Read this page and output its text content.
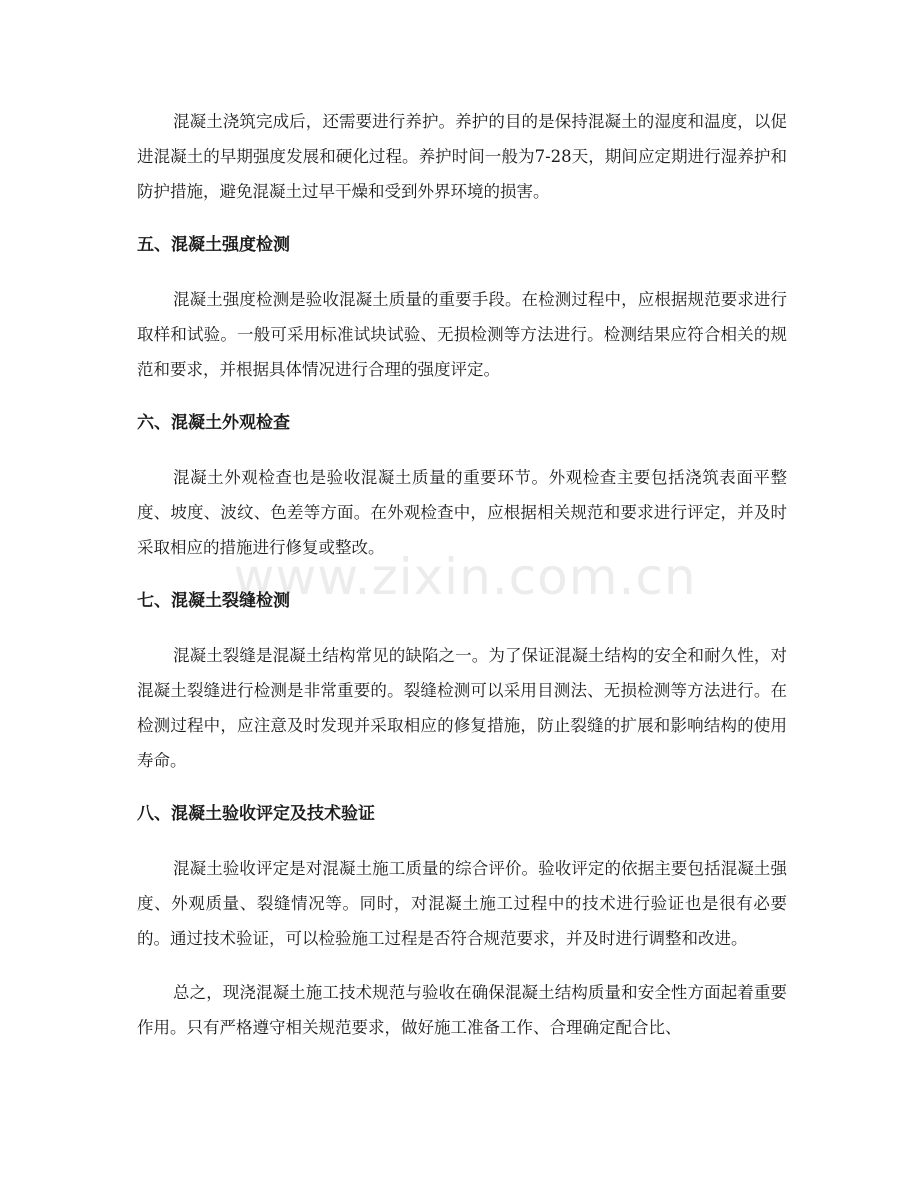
www.zixin.com.cn

混凝土浇筑完成后，还需要进行养护。养护的目的是保持混凝土的湿度和温度，以促进混凝土的早期强度发展和硬化过程。养护时间一般为7-28天，期间应定期进行湿养护和防护措施，避免混凝土过早干燥和受到外界环境的损害。

五、混凝土强度检测

混凝土强度检测是验收混凝土质量的重要手段。在检测过程中，应根据规范要求进行取样和试验。一般可采用标准试块试验、无损检测等方法进行。检测结果应符合相关的规范和要求，并根据具体情况进行合理的强度评定。

六、混凝土外观检查

混凝土外观检查也是验收混凝土质量的重要环节。外观检查主要包括浇筑表面平整度、坡度、波纹、色差等方面。在外观检查中，应根据相关规范和要求进行评定，并及时采取相应的措施进行修复或整改。

七、混凝土裂缝检测

混凝土裂缝是混凝土结构常见的缺陷之一。为了保证混凝土结构的安全和耐久性，对混凝土裂缝进行检测是非常重要的。裂缝检测可以采用目测法、无损检测等方法进行。在检测过程中，应注意及时发现并采取相应的修复措施，防止裂缝的扩展和影响结构的使用寿命。

八、混凝土验收评定及技术验证

混凝土验收评定是对混凝土施工质量的综合评价。验收评定的依据主要包括混凝土强度、外观质量、裂缝情况等。同时，对混凝土施工过程中的技术进行验证也是很有必要的。通过技术验证，可以检验施工过程是否符合规范要求，并及时进行调整和改进。

总之，现浇混凝土施工技术规范与验收在确保混凝土结构质量和安全性方面起着重要作用。只有严格遵守相关规范要求，做好施工准备工作、合理确定配合比、
